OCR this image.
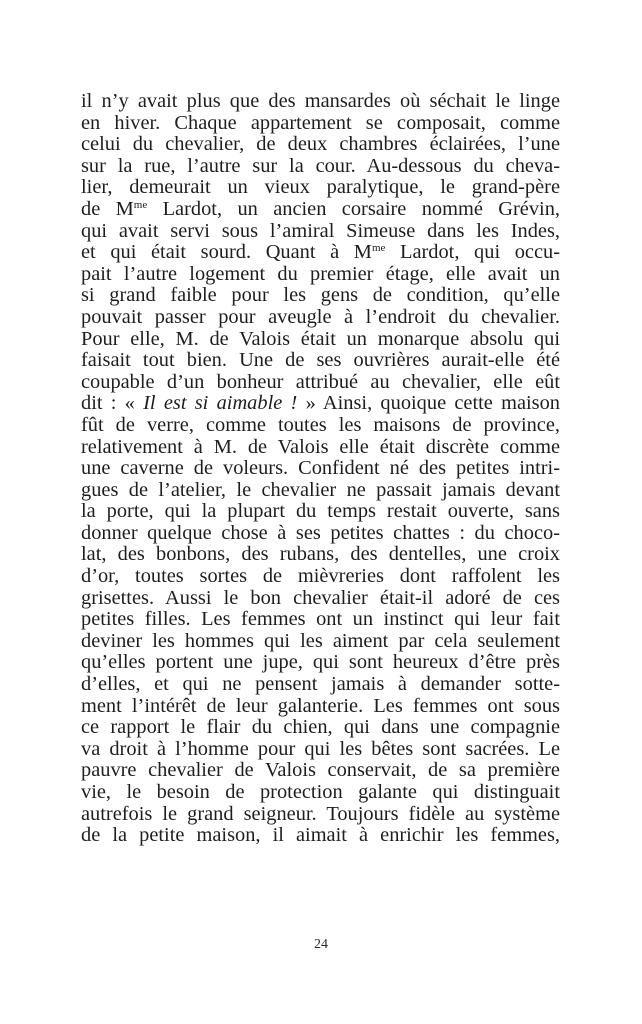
il n’y avait plus que des mansardes où séchait le linge
en hiver. Chaque appartement se composait, comme
celui du chevalier, de deux chambres éclairées, l’une
sur la rue, l’autre sur la cour. Au-dessous du cheva-
lier, demeurait un vieux paralytique, le grand-père
de $M^{me}$ Lardot, un ancien corsaire nommé Grévin,
qui avait servi sous l’amiral Simeuse dans les Indes,
et qui était sourd. Quant à $M^{me}$ Lardot, qui occu-
pait l’autre logement du premier étage, elle avait un
si grand faible pour les gens de condition, qu’elle
pouvait passer pour aveugle à l’endroit du chevalier.
Pour elle, M. de Valois était un monarque absolu qui
faisait tout bien. Une de ses ouvrières aurait-elle été
coupable d’un bonheur attribué au chevalier, elle eût
dit : « Il est si aimable ! » Ainsi, quoique cette maison
fût de verre, comme toutes les maisons de province,
relativement à M. de Valois elle était discrète comme
une caverne de voleurs. Confident né des petites intri-
gues de l’atelier, le chevalier ne passait jamais devant
la porte, qui la plupart du temps restait ouverte, sans
donner quelque chose à ses petites chattes : du choco-
lat, des bonbons, des rubans, des dentelles, une croix
d’or, toutes sortes de mièvreries dont raffolent les
grisettes. Aussi le bon chevalier était-il adoré de ces
petites filles. Les femmes ont un instinct qui leur fait
deviner les hommes qui les aiment par cela seulement
qu’elles portent une jupe, qui sont heureux d’être près
d’elles, et qui ne pensent jamais à demander sotte-
ment l’intérêt de leur galanterie. Les femmes ont sous
ce rapport le flair du chien, qui dans une compagnie
va droit à l’homme pour qui les bêtes sont sacrées. Le
pauvre chevalier de Valois conservait, de sa première
vie, le besoin de protection galante qui distinguait
autrefois le grand seigneur. Toujours fidèle au système
de la petite maison, il aimait à enrichir les femmes,
24
